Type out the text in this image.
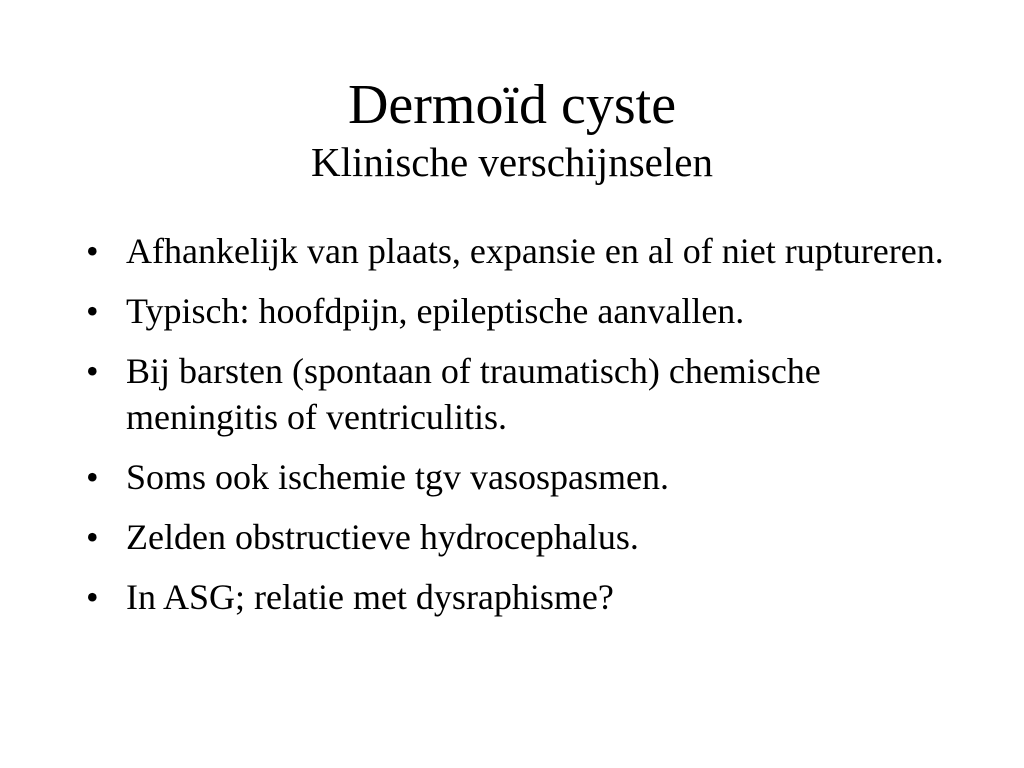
Dermoïd cyste
Klinische verschijnselen
• Afhankelijk van plaats, expansie en al of niet ruptureren.
• Typisch: hoofdpijn, epileptische aanvallen.
• Bij barsten (spontaan of traumatisch) chemische meningitis of ventriculitis.
• Soms ook ischemie tgv vasospasmen.
• Zelden obstructieve hydrocephalus.
• In ASG; relatie met dysraphisme?
